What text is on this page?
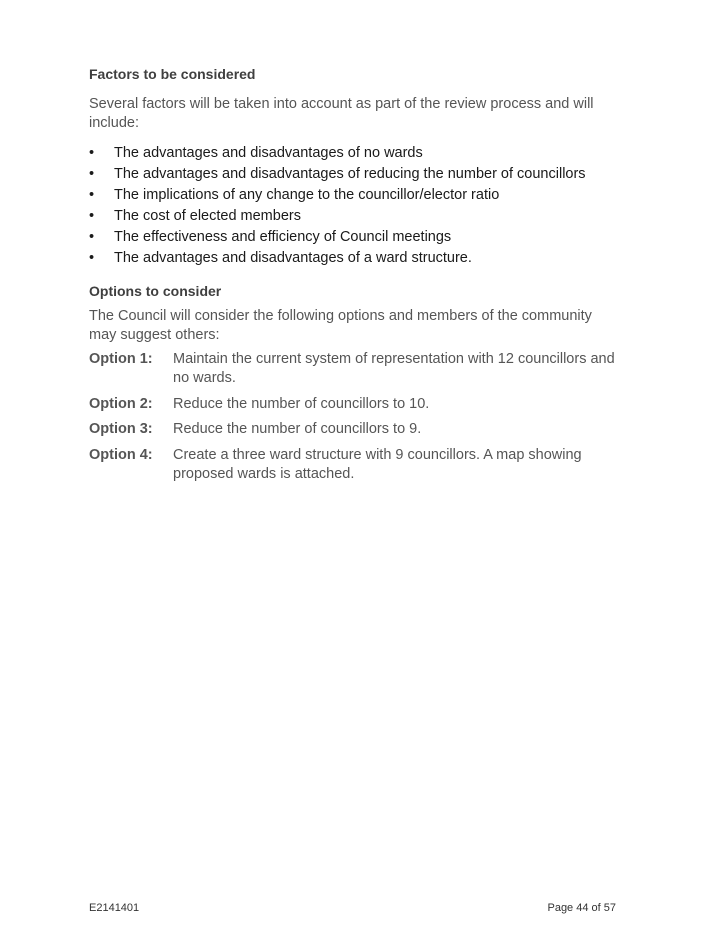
Factors to be considered

Several factors will be taken into account as part of the review process and will include:

•	The advantages and disadvantages of no wards
•	The advantages and disadvantages of reducing the number of councillors
•	The implications of any change to the councillor/elector ratio
•	The cost of elected members
•	The effectiveness and efficiency of Council meetings
•	The advantages and disadvantages of a ward structure.
Options to consider

The Council will consider the following options and members of the community may suggest others:

Option 1: Maintain the current system of representation with 12 councillors and no wards.
Option 2: Reduce the number of councillors to 10.
Option 3: Reduce the number of councillors to 9.
Option 4: Create a three ward structure with 9 councillors. A map showing proposed wards is attached.
E2141401	Page 44 of 57
